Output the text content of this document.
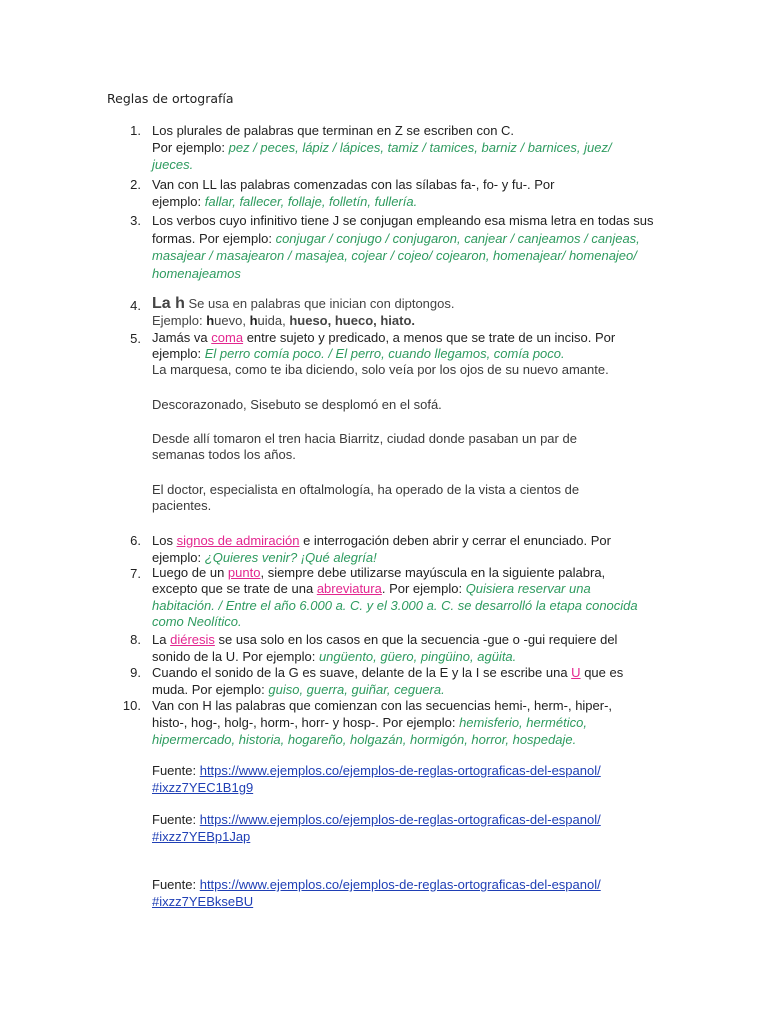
Reglas de ortografía
1. Los plurales de palabras que terminan en Z se escriben con C.
Por ejemplo: pez / peces, lápiz / lápices, tamiz / tamices, barniz / barnices, juez/ jueces.
2. Van con LL las palabras comenzadas con las sílabas fa-, fo- y fu-. Por ejemplo: fallar, fallecer, follaje, folletín, fullería.
3. Los verbos cuyo infinitivo tiene J se conjugan empleando esa misma letra en todas sus formas. Por ejemplo: conjugar / conjugo / conjugaron, canjear / canjeamos / canjeas, masajear / masajearon / masajea, cojear / cojeo/ cojearon, homenajear/ homenajeo/ homenajeamos
4. La h Se usa en palabras que inician con diptongos.
Ejemplo: huevo, huida, hueso, hueco, hiato.
5. Jamás va coma entre sujeto y predicado, a menos que se trate de un inciso. Por ejemplo: El perro comía poco. / El perro, cuando llegamos, comía poco.
La marquesa, como te iba diciendo, solo veía por los ojos de su nuevo amante.
Descorazonado, Sisebuto se desplomó en el sofá.
Desde allí tomaron el tren hacia Biarritz, ciudad donde pasaban un par de semanas todos los años.
El doctor, especialista en oftalmología, ha operado de la vista a cientos de pacientes.
6. Los signos de admiración e interrogación deben abrir y cerrar el enunciado. Por ejemplo: ¿Quieres venir? ¡Qué alegría!
7. Luego de un punto, siempre debe utilizarse mayúscula en la siguiente palabra, excepto que se trate de una abreviatura. Por ejemplo: Quisiera reservar una habitación. / Entre el año 6.000 a. C. y el 3.000 a. C. se desarrolló la etapa conocida como Neolítico.
8. La diéresis se usa solo en los casos en que la secuencia -gue o -gui requiere del sonido de la U. Por ejemplo: ungüento, güero, pingüino, agüita.
9. Cuando el sonido de la G es suave, delante de la E y la I se escribe una U que es muda. Por ejemplo: guiso, guerra, guiñar, ceguera.
10. Van con H las palabras que comienzan con las secuencias hemi-, herm-, hiper-, histo-, hog-, holg-, horm-, horr- y hosp-. Por ejemplo: hemisferio, hermético, hipermercado, historia, hogareño, holgazán, hormigón, horror, hospedaje.
Fuente: https://www.ejemplos.co/ejemplos-de-reglas-ortograficas-del-espanol/
#ixzz7YEC1B1g9
Fuente: https://www.ejemplos.co/ejemplos-de-reglas-ortograficas-del-espanol/
#ixzz7YEBp1Jap
Fuente: https://www.ejemplos.co/ejemplos-de-reglas-ortograficas-del-espanol/
#ixzz7YEBkseBU
